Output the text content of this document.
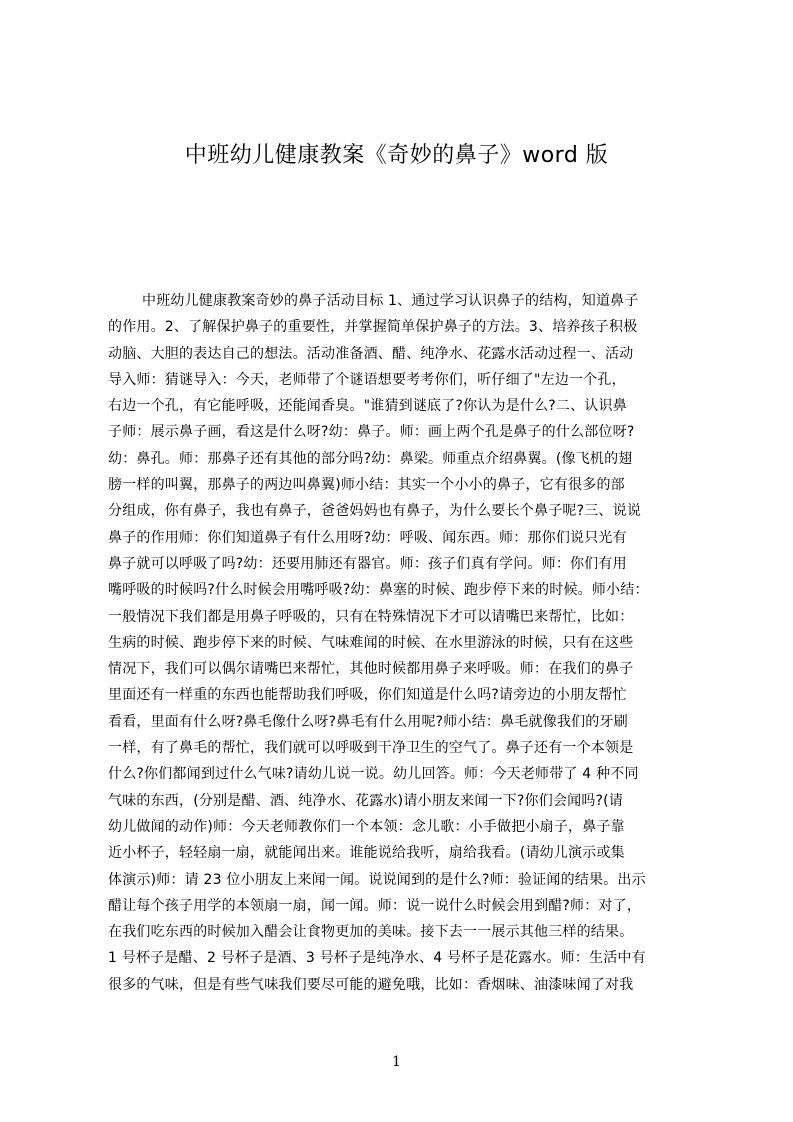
中班幼儿健康教案《奇妙的鼻子》word 版
中班幼儿健康教案奇妙的鼻子活动目标 1、通过学习认识鼻子的结构，知道鼻子
的作用。2、了解保护鼻子的重要性，并掌握简单保护鼻子的方法。3、培养孩子积极
动脑、大胆的表达自己的想法。活动准备酒、醋、纯净水、花露水活动过程一、活动
导入师：猜谜导入：今天，老师带了个谜语想要考考你们，听仔细了"左边一个孔，
右边一个孔，有它能呼吸，还能闻香臭。"谁猜到谜底了?你认为是什么?二、认识鼻
子师：展示鼻子画，看这是什么呀?幼：鼻子。师：画上两个孔是鼻子的什么部位呀?
幼：鼻孔。师：那鼻子还有其他的部分吗?幼：鼻梁。师重点介绍鼻翼。(像飞机的翅
膀一样的叫翼，那鼻子的两边叫鼻翼)师小结：其实一个小小的鼻子，它有很多的部
分组成，你有鼻子，我也有鼻子，爸爸妈妈也有鼻子，为什么要长个鼻子呢?三、说说
鼻子的作用师：你们知道鼻子有什么用呀?幼：呼吸、闻东西。师：那你们说只光有
鼻子就可以呼吸了吗?幼：还要用肺还有器官。师：孩子们真有学问。师：你们有用
嘴呼吸的时候吗?什么时候会用嘴呼吸?幼：鼻塞的时候、跑步停下来的时候。师小结：
一般情况下我们都是用鼻子呼吸的，只有在特殊情况下才可以请嘴巴来帮忙，比如：
生病的时候、跑步停下来的时候、气味难闻的时候、在水里游泳的时候，只有在这些
情况下，我们可以偶尔请嘴巴来帮忙，其他时候都用鼻子来呼吸。师：在我们的鼻子
里面还有一样重的东西也能帮助我们呼吸，你们知道是什么吗?请旁边的小朋友帮忙
看看，里面有什么呀?鼻毛像什么呀?鼻毛有什么用呢?师小结：鼻毛就像我们的牙刷
一样，有了鼻毛的帮忙，我们就可以呼吸到干净卫生的空气了。鼻子还有一个本领是
什么?你们都闻到过什么气味?请幼儿说一说。幼儿回答。师：今天老师带了 4 种不同
气味的东西，(分别是醋、酒、纯净水、花露水)请小朋友来闻一下?你们会闻吗?(请
幼儿做闻的动作)师：今天老师教你们一个本领：念儿歌：小手做把小扇子，鼻子靠
近小杯子，轻轻扇一扇，就能闻出来。谁能说给我听，扇给我看。(请幼儿演示或集
体演示)师：请 23 位小朋友上来闻一闻。说说闻到的是什么?师：验证闻的结果。出示
醋让每个孩子用学的本领扇一扇，闻一闻。师：说一说什么时候会用到醋?师：对了，
在我们吃东西的时候加入醋会让食物更加的美味。接下去一一展示其他三样的结果。
1 号杯子是醋、2 号杯子是酒、3 号杯子是纯净水、4 号杯子是花露水。师：生活中有
很多的气味，但是有些气味我们要尽可能的避免哦，比如：香烟味、油漆味闻了对我
1
